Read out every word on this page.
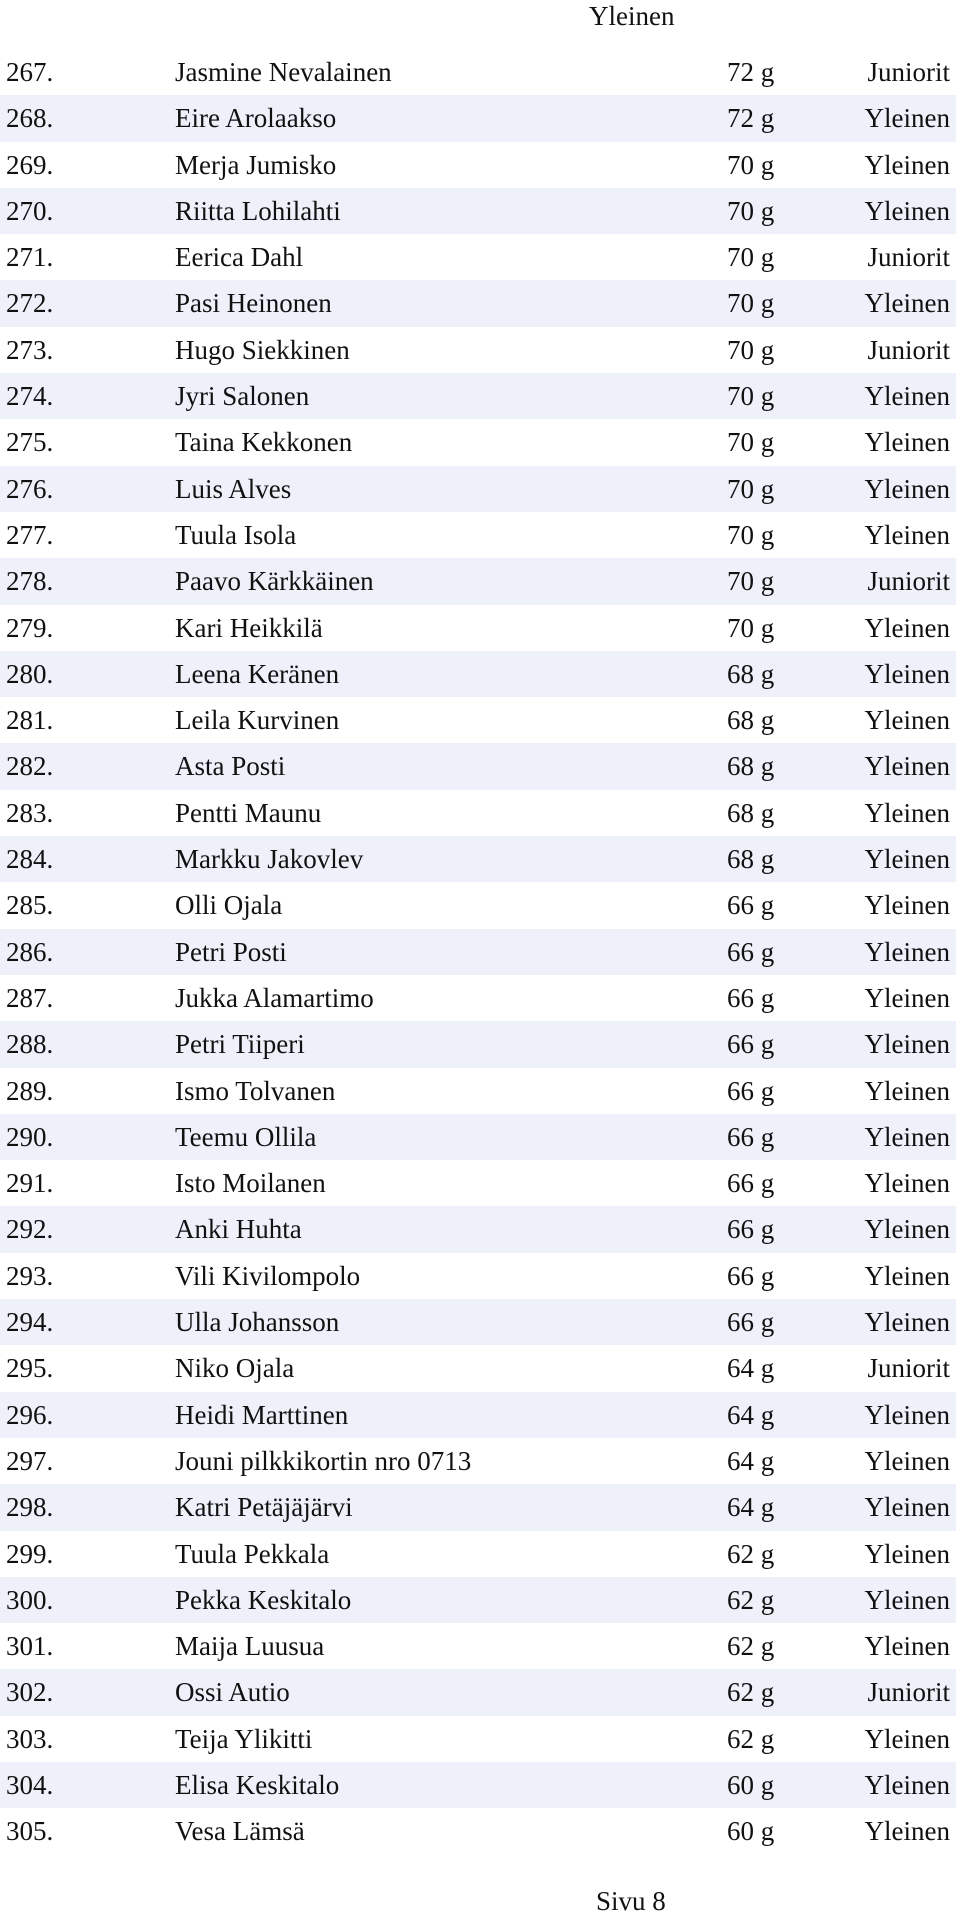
Yleinen
267.	Jasmine Nevalainen	72 g	Juniorit
268.	Eire Arolaakso	72 g	Yleinen
269.	Merja Jumisko	70 g	Yleinen
270.	Riitta Lohilahti	70 g	Yleinen
271.	Eerica Dahl	70 g	Juniorit
272.	Pasi Heinonen	70 g	Yleinen
273.	Hugo Siekkinen	70 g	Juniorit
274.	Jyri Salonen	70 g	Yleinen
275.	Taina Kekkonen	70 g	Yleinen
276.	Luis Alves	70 g	Yleinen
277.	Tuula Isola	70 g	Yleinen
278.	Paavo Kärkkäinen	70 g	Juniorit
279.	Kari Heikkilä	70 g	Yleinen
280.	Leena Keränen	68 g	Yleinen
281.	Leila Kurvinen	68 g	Yleinen
282.	Asta Posti	68 g	Yleinen
283.	Pentti Maunu	68 g	Yleinen
284.	Markku Jakovlev	68 g	Yleinen
285.	Olli Ojala	66 g	Yleinen
286.	Petri Posti	66 g	Yleinen
287.	Jukka Alamartimo	66 g	Yleinen
288.	Petri Tiiperi	66 g	Yleinen
289.	Ismo Tolvanen	66 g	Yleinen
290.	Teemu Ollila	66 g	Yleinen
291.	Isto Moilanen	66 g	Yleinen
292.	Anki Huhta	66 g	Yleinen
293.	Vili Kivilompolo	66 g	Yleinen
294.	Ulla Johansson	66 g	Yleinen
295.	Niko Ojala	64 g	Juniorit
296.	Heidi Marttinen	64 g	Yleinen
297.	Jouni pilkkikortin nro 0713	64 g	Yleinen
298.	Katri Petäjäjärvi	64 g	Yleinen
299.	Tuula Pekkala	62 g	Yleinen
300.	Pekka Keskitalo	62 g	Yleinen
301.	Maija Luusua	62 g	Yleinen
302.	Ossi Autio	62 g	Juniorit
303.	Teija Ylikitti	62 g	Yleinen
304.	Elisa Keskitalo	60 g	Yleinen
305.	Vesa Lämsä	60 g	Yleinen
Sivu 8
